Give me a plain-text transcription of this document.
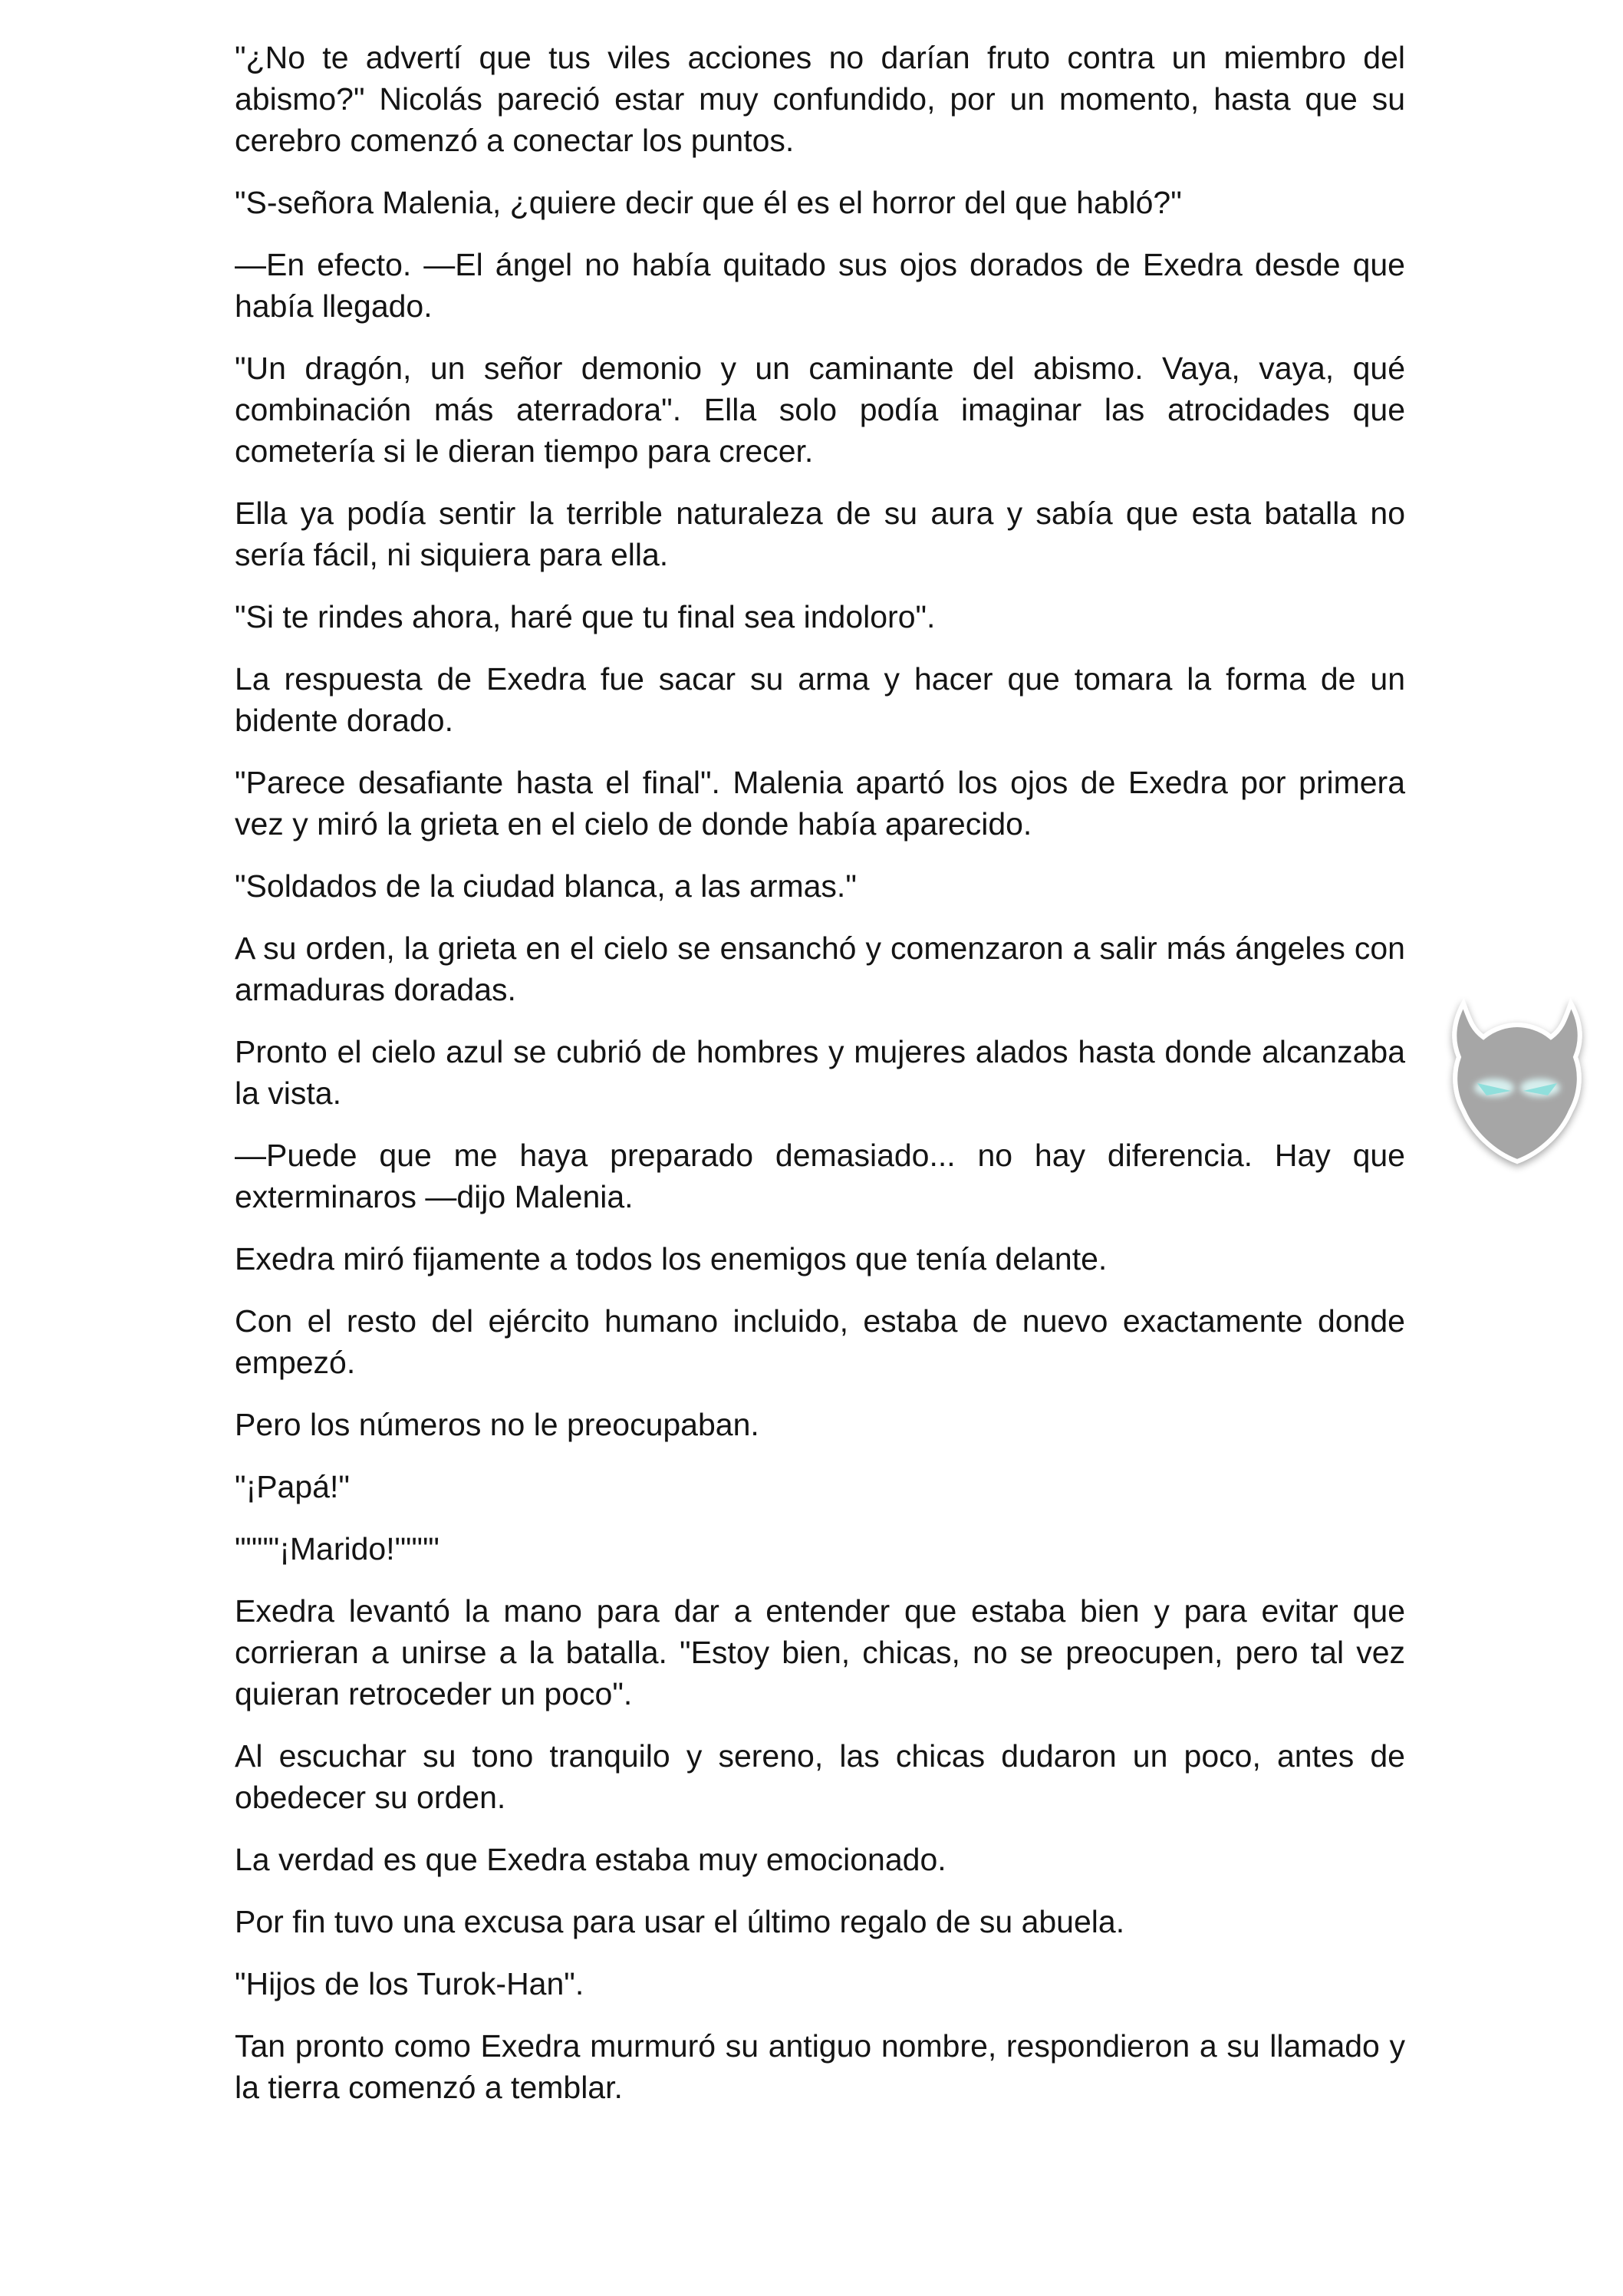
"¿No te advertí que tus viles acciones no darían fruto contra un miembro del abismo?" Nicolás pareció estar muy confundido, por un momento, hasta que su cerebro comenzó a conectar los puntos.

"S-señora Malenia, ¿quiere decir que él es el horror del que habló?"

—En efecto. —El ángel no había quitado sus ojos dorados de Exedra desde que había llegado.

"Un dragón, un señor demonio y un caminante del abismo. Vaya, vaya, qué combinación más aterradora". Ella solo podía imaginar las atrocidades que cometería si le dieran tiempo para crecer.

Ella ya podía sentir la terrible naturaleza de su aura y sabía que esta batalla no sería fácil, ni siquiera para ella.

"Si te rindes ahora, haré que tu final sea indoloro".

La respuesta de Exedra fue sacar su arma y hacer que tomara la forma de un bidente dorado.

"Parece desafiante hasta el final". Malenia apartó los ojos de Exedra por primera vez y miró la grieta en el cielo de donde había aparecido.

"Soldados de la ciudad blanca, a las armas."

A su orden, la grieta en el cielo se ensanchó y comenzaron a salir más ángeles con armaduras doradas.

Pronto el cielo azul se cubrió de hombres y mujeres alados hasta donde alcanzaba la vista.

—Puede que me haya preparado demasiado... no hay diferencia. Hay que exterminaros —dijo Malenia.

Exedra miró fijamente a todos los enemigos que tenía delante.

Con el resto del ejército humano incluido, estaba de nuevo exactamente donde empezó.

Pero los números no le preocupaban.

"¡Papá!"

""""¡Marido!""""

Exedra levantó la mano para dar a entender que estaba bien y para evitar que corrieran a unirse a la batalla. "Estoy bien, chicas, no se preocupen, pero tal vez quieran retroceder un poco".

Al escuchar su tono tranquilo y sereno, las chicas dudaron un poco, antes de obedecer su orden.

La verdad es que Exedra estaba muy emocionado.

Por fin tuvo una excusa para usar el último regalo de su abuela.

"Hijos de los Turok-Han".

Tan pronto como Exedra murmuró su antiguo nombre, respondieron a su llamado y la tierra comenzó a temblar.
